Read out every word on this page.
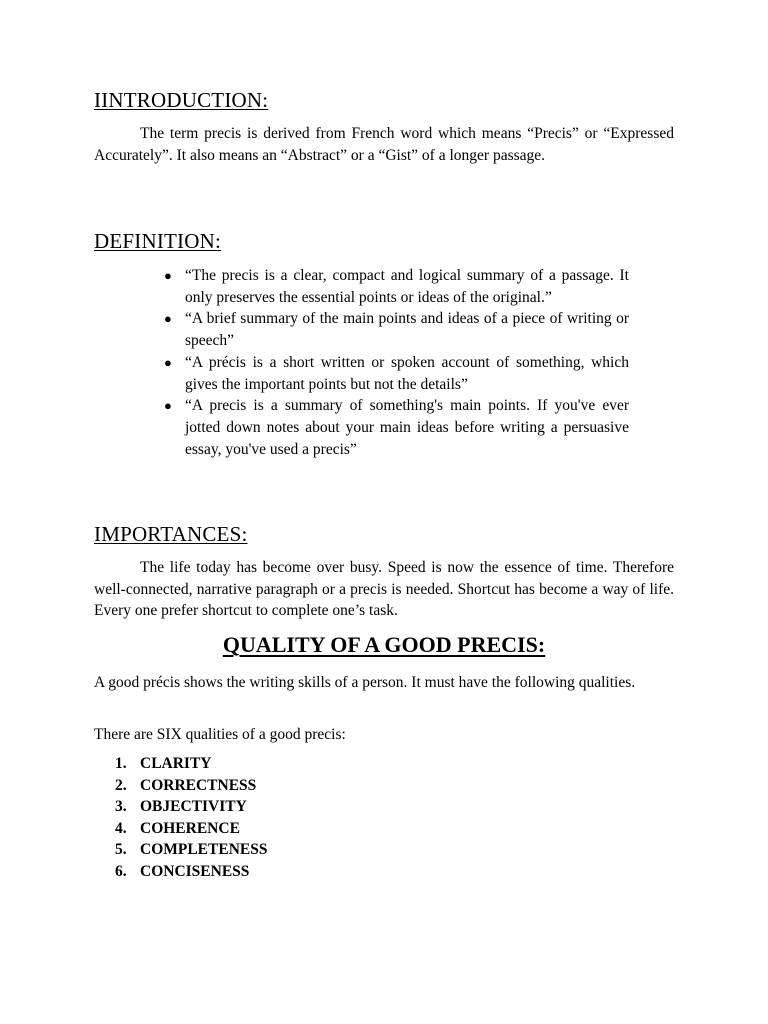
IINTRODUCTION:

The term precis is derived from French word which means “Precis” or “Expressed Accurately”. It also means an “Abstract” or a “Gist” of a longer passage.

DEFINITION:
● “The precis is a clear, compact and logical summary of a passage. It only preserves the essential points or ideas of the original.”
● “A brief summary of the main points and ideas of a piece of writing or speech”
● “A précis is a short written or spoken account of something, which gives the important points but not the details”
● “A precis is a summary of something's main points. If you've ever jotted down notes about your main ideas before writing a persuasive essay, you've used a precis”
IMPORTANCES:

The life today has become over busy. Speed is now the essence of time. Therefore well-connected, narrative paragraph or a precis is needed. Shortcut has become a way of life. Every one prefer shortcut to complete one’s task.

QUALITY OF A GOOD PRECIS:

A good précis shows the writing skills of a person. It must have the following qualities.

There are SIX qualities of a good precis:

1. CLARITY
2. CORRECTNESS
3. OBJECTIVITY
4. COHERENCE
5. COMPLETENESS
6. CONCISENESS
